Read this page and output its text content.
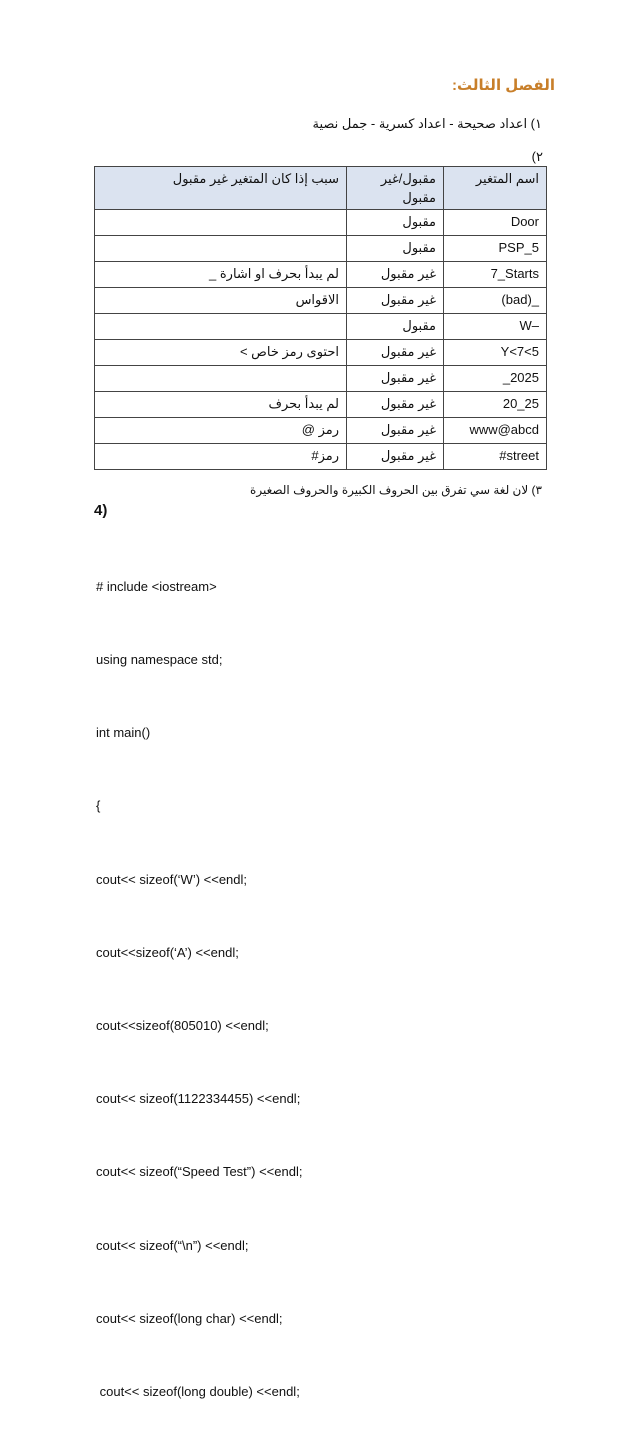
الفصل الثالث:
١) اعداد صحيحة - اعداد كسرية - جمل نصية
٢)
اسم المتغير	مقبول/غير مقبول	سبب إذا كان المتغير غير مقبول
Door	مقبول	
PSP_5	مقبول	
7_Starts	غير مقبول	لم يبدأ بحرف او اشارة _
(bad)_	غير مقبول	الاقواس
W–	مقبول	
Y<7<5	غير مقبول	احتوى رمز خاص >
_2025	غير مقبول	
20_25	غير مقبول	لم يبدأ بحرف
www@abcd	غير مقبول	رمز @
#street	غير مقبول	رمز#
٣) لان لغة سي تفرق بين الحروف الكبيرة والحروف الصغيرة
4)

# include <iostream>

using namespace std;

int main()

{

cout<< sizeof(‘W’) <<endl;

cout<<sizeof(‘A’) <<endl;

cout<<sizeof(805010) <<endl;

cout<< sizeof(1122334455) <<endl;

cout<< sizeof(“Speed Test”) <<endl;

cout<< sizeof(“\n”) <<endl;

cout<< sizeof(long char) <<endl;

cout<< sizeof(long double) <<endl;
